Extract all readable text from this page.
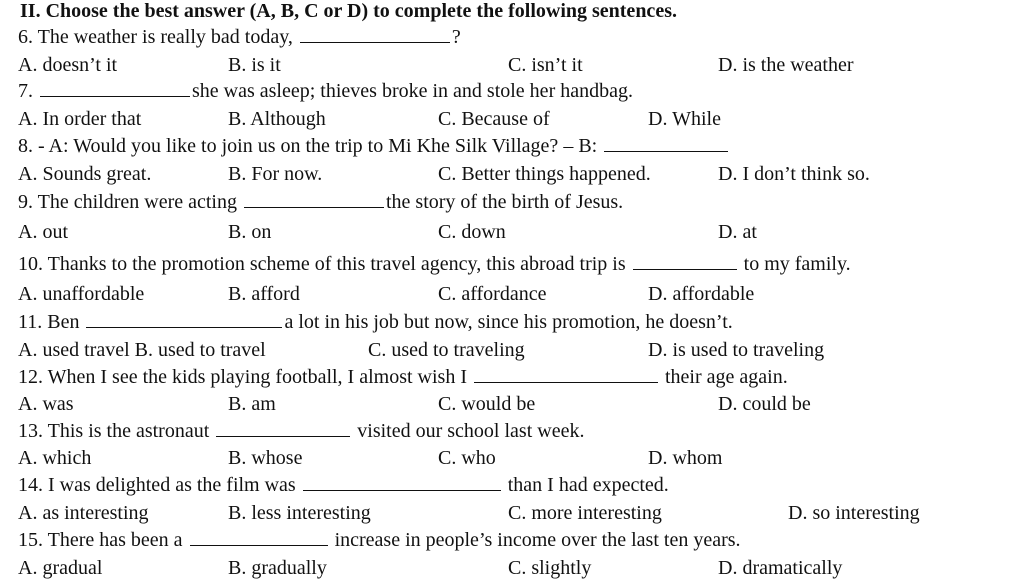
II. Choose the best answer (A, B, C or D) to complete the following sentences.
6. The weather is really bad today,	?
A. doesn’t it	B. is it	C. isn’t it	D. is the weather
7.	she was asleep; thieves broke in and stole her handbag.
A. In order that	B. Although	C. Because of	D. While
8. - A: Would you like to join us on the trip to Mi Khe Silk Village? – B:
A. Sounds great.	B. For now.	C. Better things happened.	D. I don’t think so.
9. The children were acting	the story of the birth of Jesus.
A. out	B. on	C. down	D. at
10. Thanks to the promotion scheme of this travel agency, this abroad trip is	to my family.
A. unaffordable	B. afford	C. affordance	D. affordable
11. Ben	a lot in his job but now, since his promotion, he doesn’t.
A. used travel B. used to travel	C. used to traveling	D. is used to traveling
12. When I see the kids playing football, I almost wish I	their age again.
A. was	B. am	C. would be	D. could be
13. This is the astronaut	visited our school last week.
A. which	B. whose	C. who	D. whom
14. I was delighted as the film was	than I had expected.
A. as interesting	B. less interesting	C. more interesting	D. so interesting
15. There has been a	increase in people’s income over the last ten years.
A. gradual	B. gradually	C. slightly	D. dramatically
